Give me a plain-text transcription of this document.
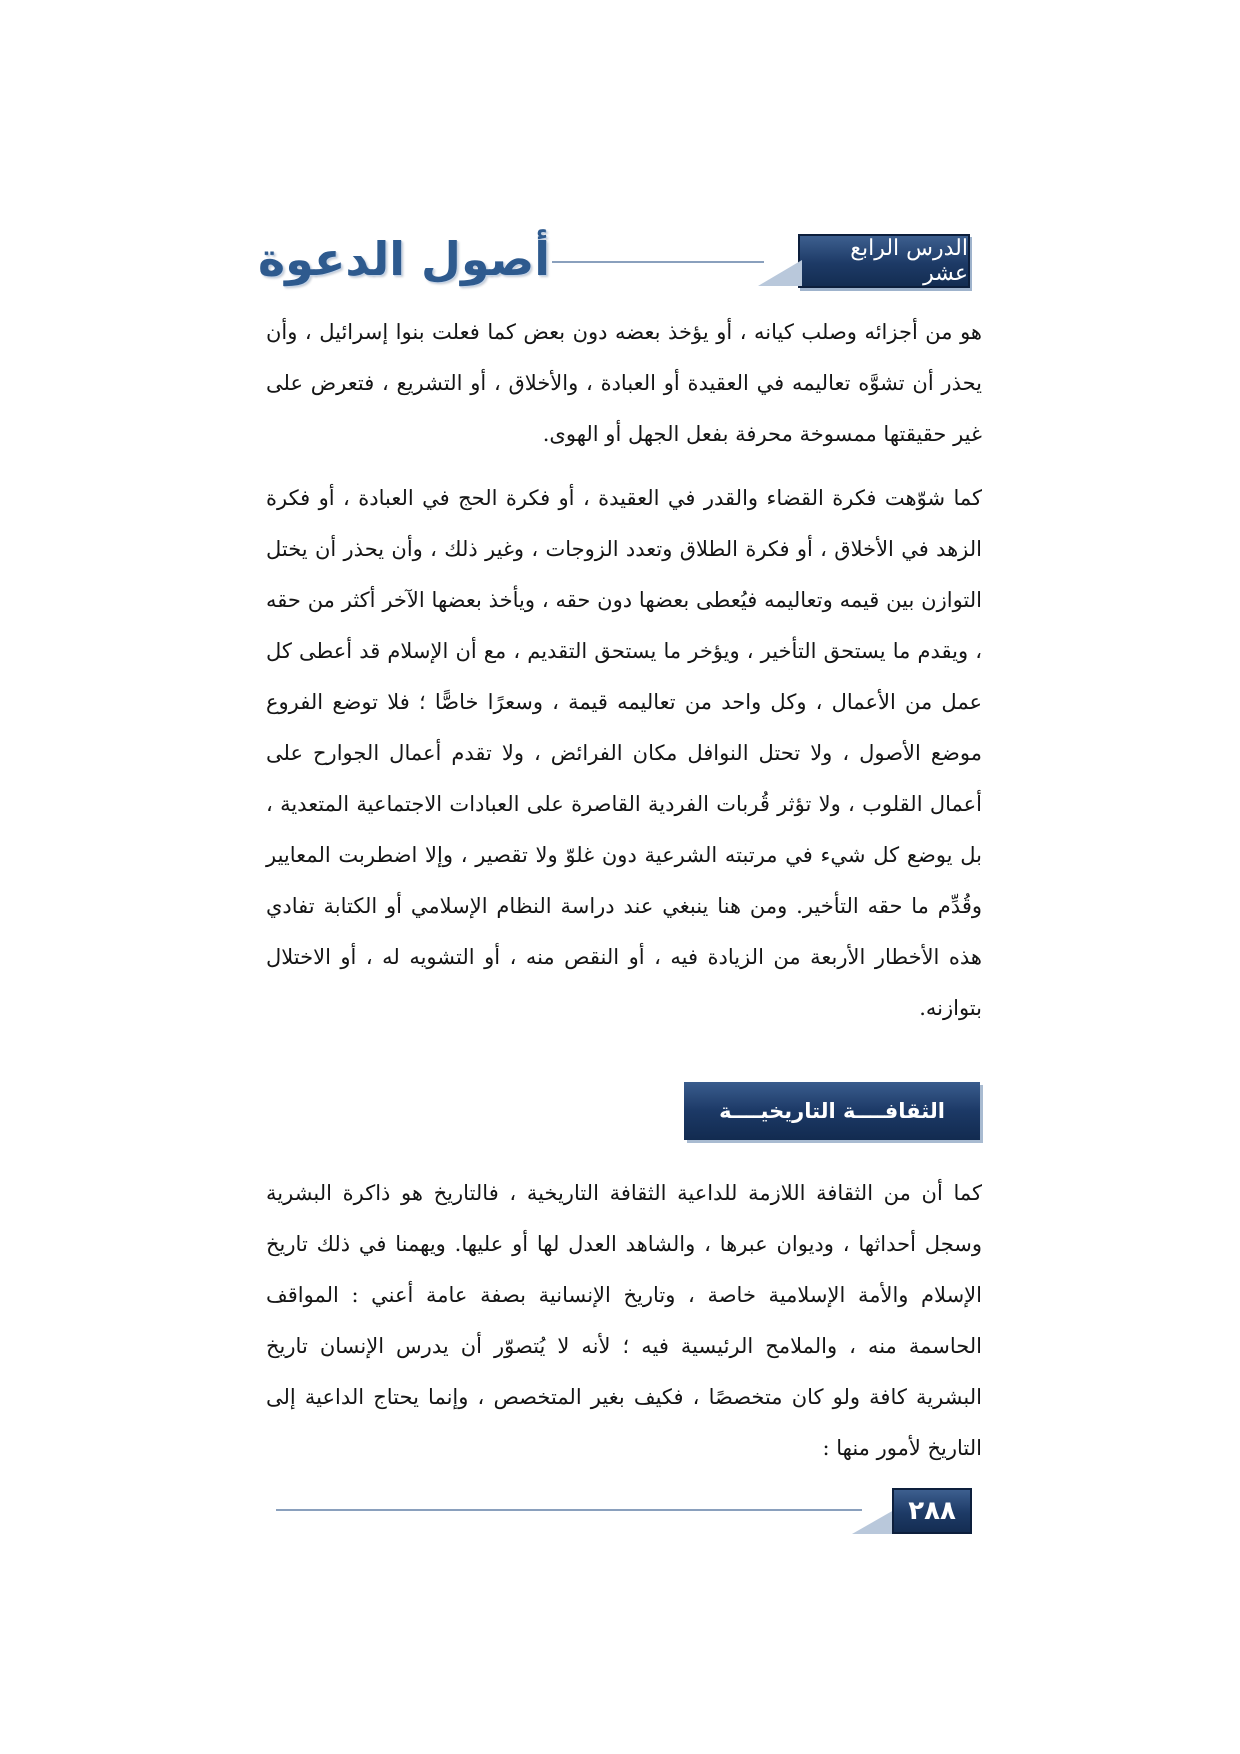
الدرس الرابع عشر
أصول الدعوة

هو من أجزائه وصلب كيانه ، أو يؤخذ بعضه دون بعض كما فعلت بنوا إسرائيل ، وأن يحذر أن تشوَّه تعاليمه في العقيدة أو العبادة ، والأخلاق ، أو التشريع ، فتعرض على غير حقيقتها ممسوخة محرفة بفعل الجهل أو الهوى.

كما شوّهت فكرة القضاء والقدر في العقيدة ، أو فكرة الحج في العبادة ، أو فكرة الزهد في الأخلاق ، أو فكرة الطلاق وتعدد الزوجات ، وغير ذلك ، وأن يحذر أن يختل التوازن بين قيمه وتعاليمه فيُعطى بعضها دون حقه ، ويأخذ بعضها الآخر أكثر من حقه ، ويقدم ما يستحق التأخير ، ويؤخر ما يستحق التقديم ، مع أن الإسلام قد أعطى كل عمل من الأعمال ، وكل واحد من تعاليمه قيمة ، وسعرًا خاصًّا ؛ فلا توضع الفروع موضع الأصول ، ولا تحتل النوافل مكان الفرائض ، ولا تقدم أعمال الجوارح على أعمال القلوب ، ولا تؤثر قُربات الفردية القاصرة على العبادات الاجتماعية المتعدية ، بل يوضع كل شيء في مرتبته الشرعية دون غلوّ ولا تقصير ، وإلا اضطربت المعايير وقُدِّم ما حقه التأخير. ومن هنا ينبغي عند دراسة النظام الإسلامي أو الكتابة تفادي هذه الأخطار الأربعة من الزيادة فيه ، أو النقص منه ، أو التشويه له ، أو الاختلال بتوازنه.

الثقافــــة التاريخيــــة

كما أن من الثقافة اللازمة للداعية الثقافة التاريخية ، فالتاريخ هو ذاكرة البشرية وسجل أحداثها ، وديوان عبرها ، والشاهد العدل لها أو عليها. ويهمنا في ذلك تاريخ الإسلام والأمة الإسلامية خاصة ، وتاريخ الإنسانية بصفة عامة أعني : المواقف الحاسمة منه ، والملامح الرئيسية فيه ؛ لأنه لا يُتصوّر أن يدرس الإنسان تاريخ البشرية كافة ولو كان متخصصًا ، فكيف بغير المتخصص ، وإنما يحتاج الداعية إلى التاريخ لأمور منها :

٢٨٨
